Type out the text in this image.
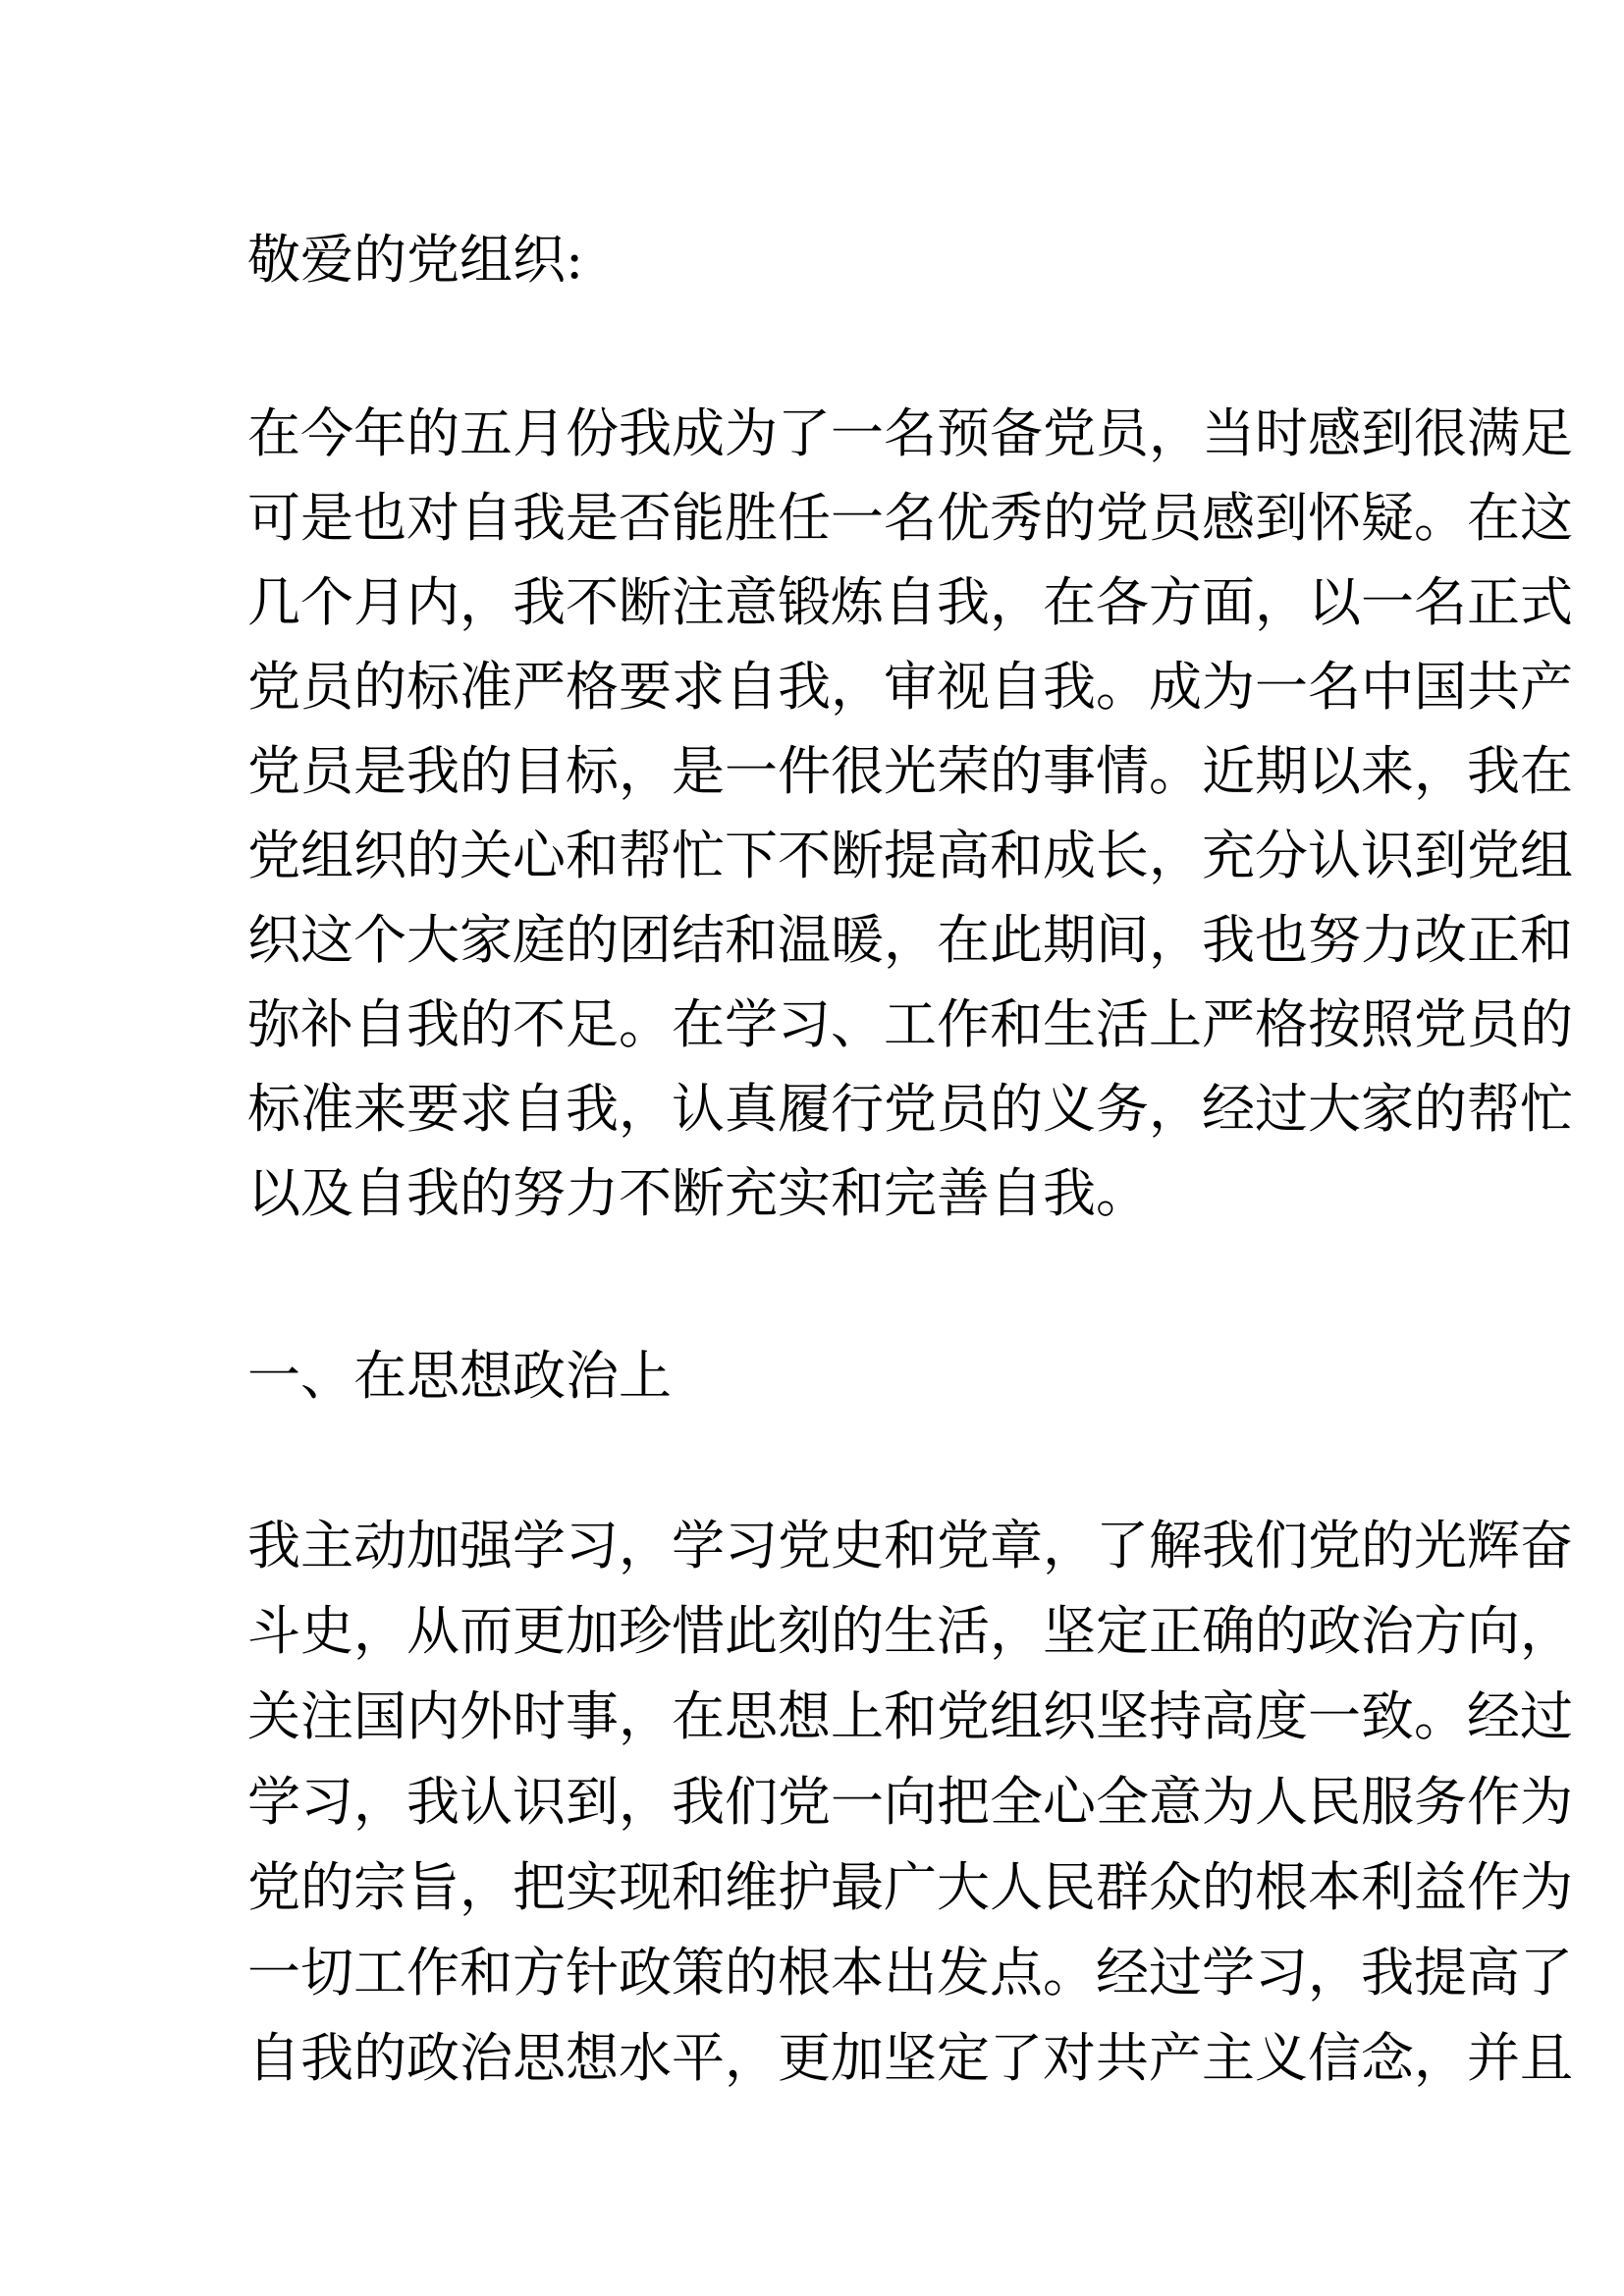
敬爱的党组织:
在今年的五月份我成为了一名预备党员，当时感到很满足
可是也对自我是否能胜任一名优秀的党员感到怀疑。在这
几个月内，我不断注意锻炼自我，在各方面，以一名正式
党员的标准严格要求自我，审视自我。成为一名中国共产
党员是我的目标，是一件很光荣的事情。近期以来，我在
党组织的关心和帮忙下不断提高和成长，充分认识到党组
织这个大家庭的团结和温暖，在此期间，我也努力改正和
弥补自我的不足。在学习、工作和生活上严格按照党员的
标准来要求自我，认真履行党员的义务，经过大家的帮忙
以及自我的努力不断充实和完善自我。
一、在思想政治上
我主动加强学习，学习党史和党章，了解我们党的光辉奋
斗史，从而更加珍惜此刻的生活，坚定正确的政治方向，
关注国内外时事，在思想上和党组织坚持高度一致。经过
学习，我认识到，我们党一向把全心全意为人民服务作为
党的宗旨，把实现和维护最广大人民群众的根本利益作为
一切工作和方针政策的根本出发点。经过学习，我提高了
自我的政治思想水平，更加坚定了对共产主义信念，并且
